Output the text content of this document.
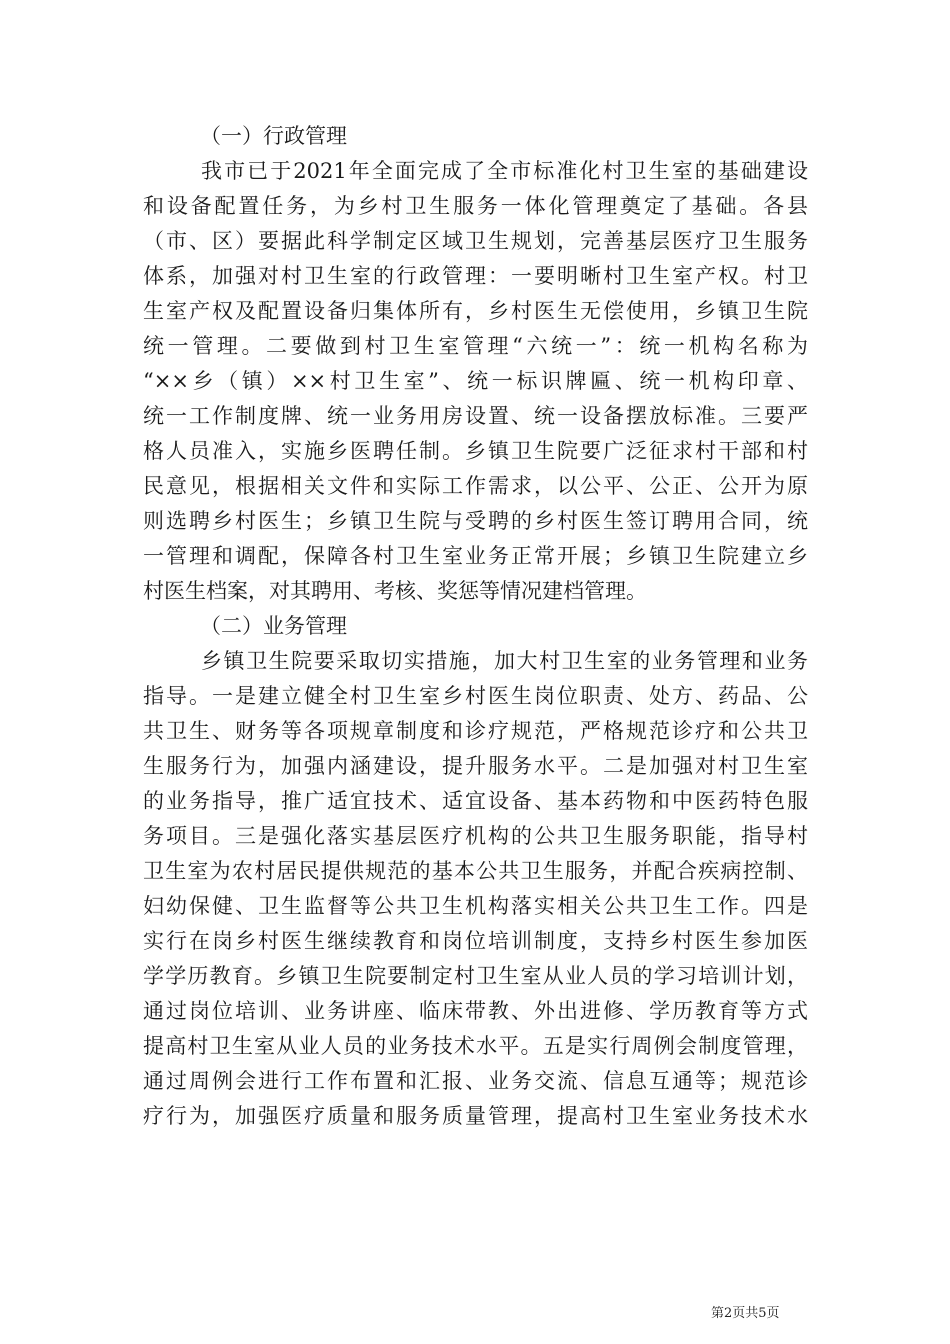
（一）行政管理
我市已于2021年全面完成了全市标准化村卫生室的基础建设
和设备配置任务，为乡村卫生服务一体化管理奠定了基础。各县
（市、区）要据此科学制定区域卫生规划，完善基层医疗卫生服务
体系，加强对村卫生室的行政管理：一要明晰村卫生室产权。村卫
生室产权及配置设备归集体所有，乡村医生无偿使用，乡镇卫生院
统一管理。二要做到村卫生室管理“六统一”：统一机构名称为
“××乡（镇）××村卫生室”、统一标识牌匾、统一机构印章、
统一工作制度牌、统一业务用房设置、统一设备摆放标准。三要严
格人员准入，实施乡医聘任制。乡镇卫生院要广泛征求村干部和村
民意见，根据相关文件和实际工作需求，以公平、公正、公开为原
则选聘乡村医生；乡镇卫生院与受聘的乡村医生签订聘用合同，统
一管理和调配，保障各村卫生室业务正常开展；乡镇卫生院建立乡
村医生档案，对其聘用、考核、奖惩等情况建档管理。
（二）业务管理
乡镇卫生院要采取切实措施，加大村卫生室的业务管理和业务
指导。一是建立健全村卫生室乡村医生岗位职责、处方、药品、公
共卫生、财务等各项规章制度和诊疗规范，严格规范诊疗和公共卫
生服务行为，加强内涵建设，提升服务水平。二是加强对村卫生室
的业务指导，推广适宜技术、适宜设备、基本药物和中医药特色服
务项目。三是强化落实基层医疗机构的公共卫生服务职能，指导村
卫生室为农村居民提供规范的基本公共卫生服务，并配合疾病控制、
妇幼保健、卫生监督等公共卫生机构落实相关公共卫生工作。四是
实行在岗乡村医生继续教育和岗位培训制度，支持乡村医生参加医
学学历教育。乡镇卫生院要制定村卫生室从业人员的学习培训计划，
通过岗位培训、业务讲座、临床带教、外出进修、学历教育等方式
提高村卫生室从业人员的业务技术水平。五是实行周例会制度管理，
通过周例会进行工作布置和汇报、业务交流、信息互通等；规范诊
疗行为，加强医疗质量和服务质量管理，提高村卫生室业务技术水
第2页共5页
